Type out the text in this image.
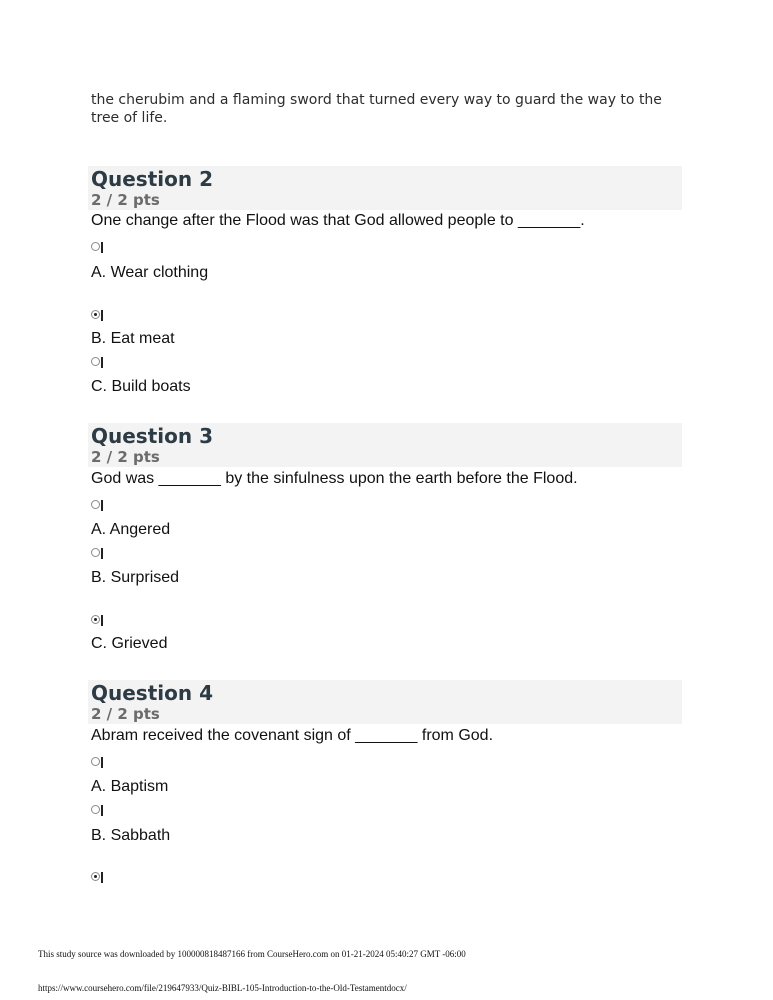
the cherubim and a flaming sword that turned every way to guard the way to the tree of life.
Question 2
2 / 2 pts
One change after the Flood was that God allowed people to _______.
A. Wear clothing
B. Eat meat
C. Build boats
Question 3
2 / 2 pts
God was _______ by the sinfulness upon the earth before the Flood.
A. Angered
B. Surprised
C. Grieved
Question 4
2 / 2 pts
Abram received the covenant sign of _______ from God.
A. Baptism
B. Sabbath
This study source was downloaded by 100000818487166 from CourseHero.com on 01-21-2024 05:40:27 GMT -06:00
https://www.coursehero.com/file/219647933/Quiz-BIBL-105-Introduction-to-the-Old-Testamentdocx/
